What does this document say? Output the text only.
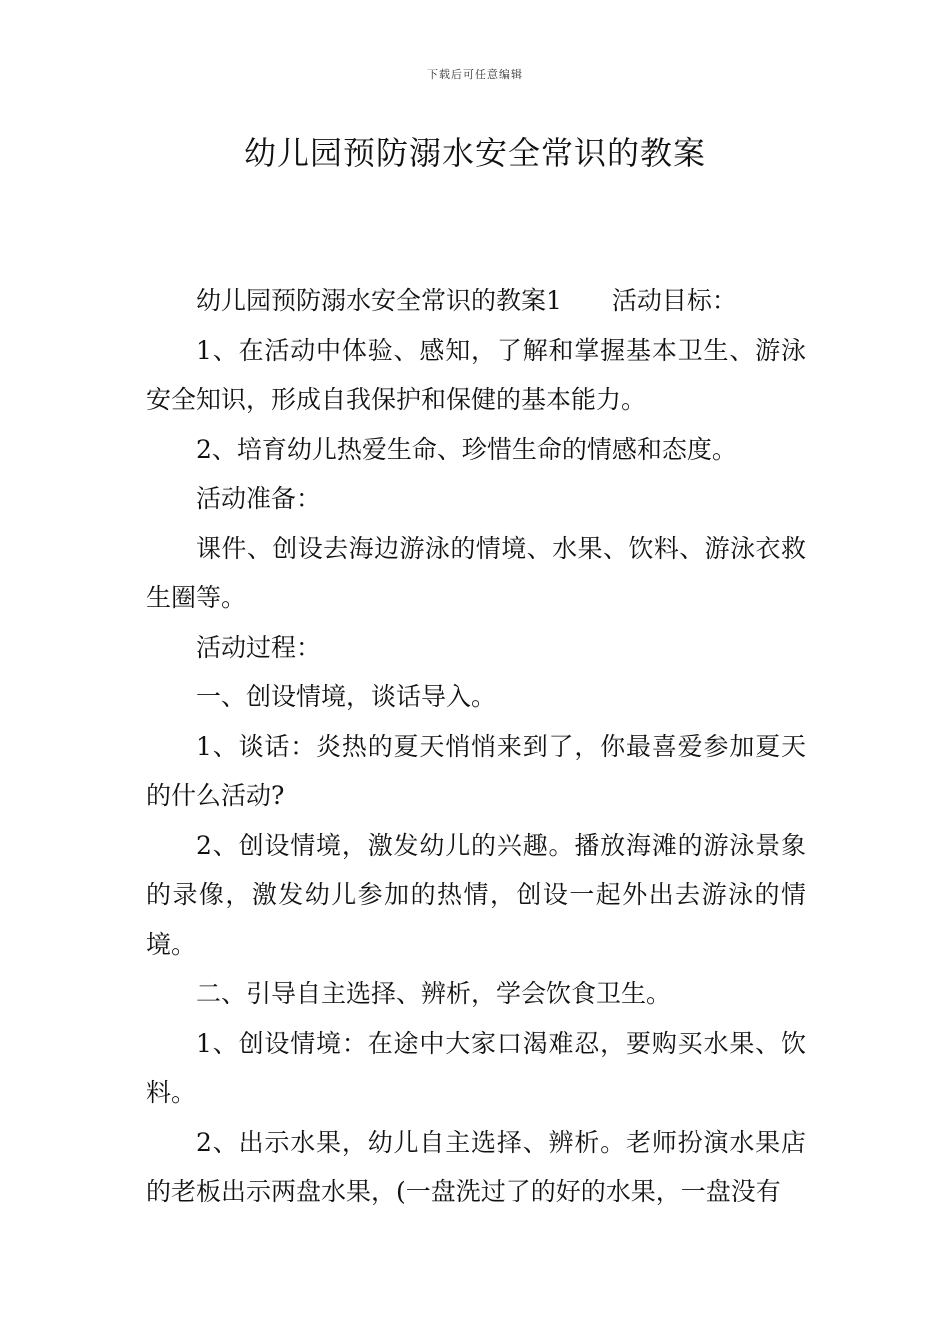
下载后可任意编辑
幼儿园预防溺水安全常识的教案

幼儿园预防溺水安全常识的教案1 活动目标：

1、在活动中体验、感知，了解和掌握基本卫生、游泳安全知识，形成自我保护和保健的基本能力。

2、培育幼儿热爱生命、珍惜生命的情感和态度。

活动准备：

课件、创设去海边游泳的情境、水果、饮料、游泳衣救生圈等。

活动过程：

一、创设情境，谈话导入。

1、谈话：炎热的夏天悄悄来到了，你最喜爱参加夏天的什么活动?

2、创设情境，激发幼儿的兴趣。播放海滩的游泳景象的录像，激发幼儿参加的热情，创设一起外出去游泳的情境。

二、引导自主选择、辨析，学会饮食卫生。

1、创设情境：在途中大家口渴难忍，要购买水果、饮料。

2、出示水果，幼儿自主选择、辨析。老师扮演水果店的老板出示两盘水果，(一盘洗过了的好的水果，一盘没有
